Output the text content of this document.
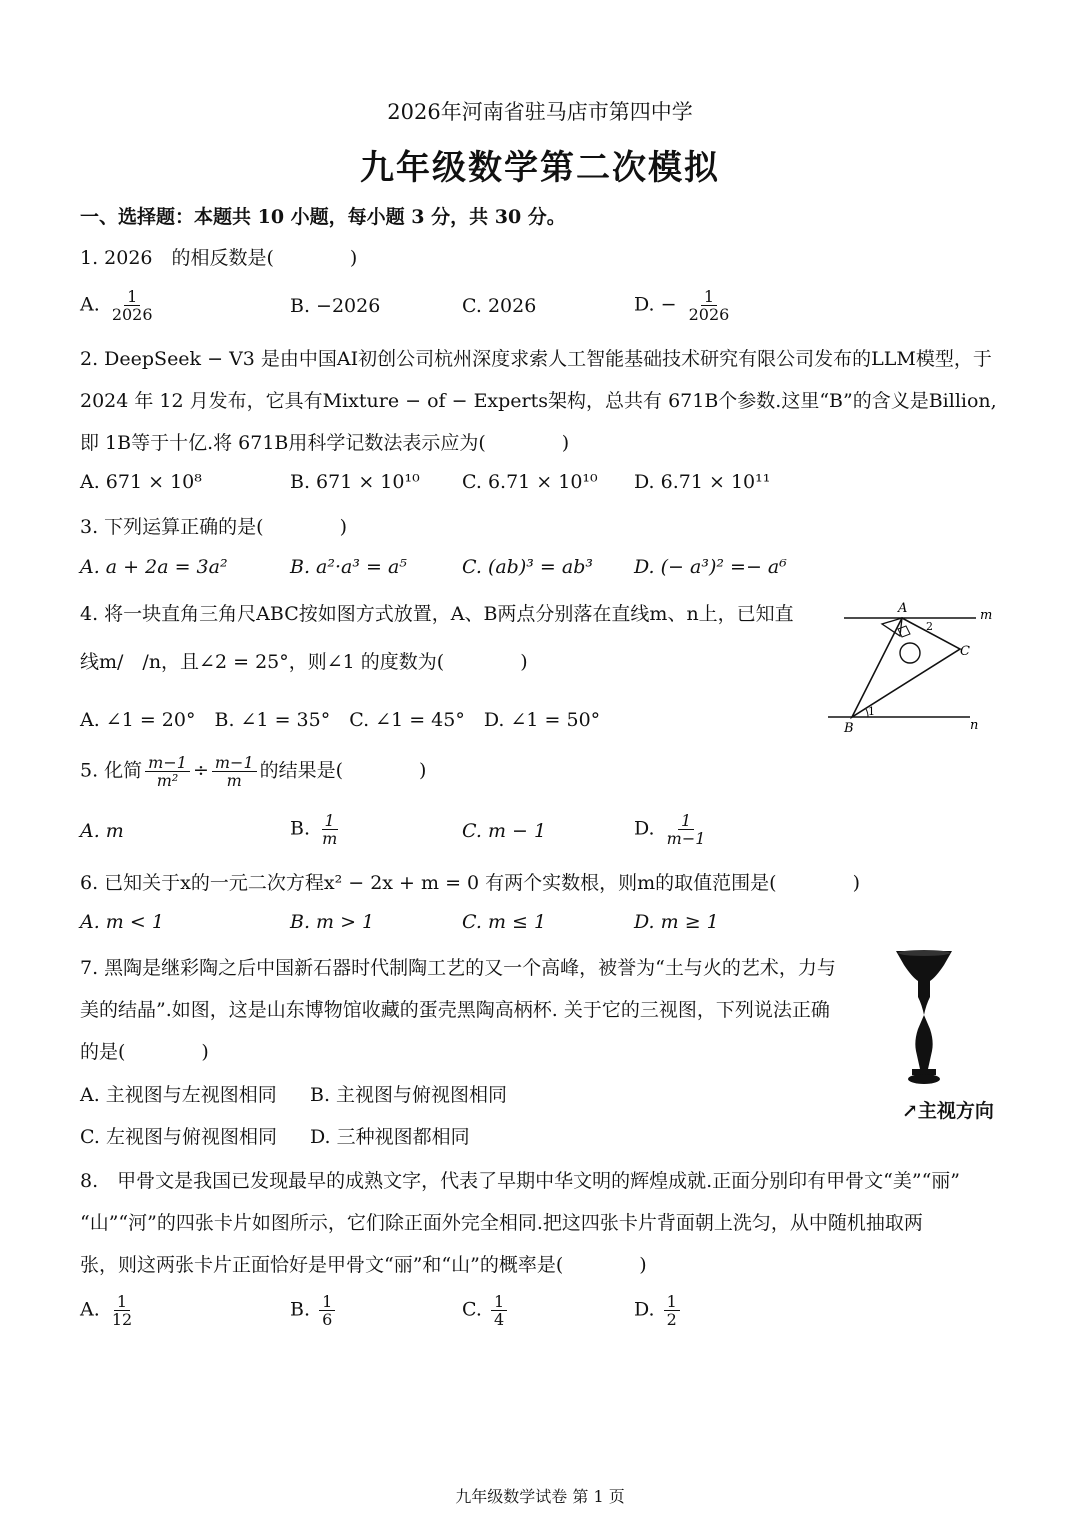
2026年河南省驻马店市第四中学
九年级数学第二次模拟
一、选择题：本题共 10 小题，每小题 3 分，共 30 分。
1. 2026　的相反数是(　　　　)
A. $\frac{1}{2026}$	B. −2026	C. 2026	D. − $\frac{1}{2026}$
2. DeepSeek − V3 是由中国AI初创公司杭州深度求索人工智能基础技术研究有限公司发布的LLM模型，于
2024 年 12 月发布，它具有Mixture − of − Experts架构，总共有 671B个参数.这里“B”的含义是Billion,
即 1B等于十亿.将 671B用科学记数法表示应为(　　　　)
A. 671 × 10⁸	B. 671 × 10¹⁰ C. 6.71 × 10¹⁰ D. 6.71 × 10¹¹
3. 下列运算正确的是(　　　　)
A. a + 2a = 3a²	B. a²·a³ = a⁵	C. (ab)³ = ab³ D. (− a³)² =− a⁶
4. 将一块直角三角尺ABC按如图方式放置，A、B两点分别落在直线m、n上，已知直
线m/　/n，且∠2 = 25°，则∠1 的度数为(　　　　)
A. ∠1 = 20°　B. ∠1 = 35°　C. ∠1 = 45°　D. ∠1 = 50°
A
B
C
m
n
1
2
5. 化简 $\frac{m-1}{\text{m²}} \div \frac{m-1}{m}$ 的结果是(　　　　)
A. m	B. $\frac{1}{m}$	C. m − 1	D. $\frac{1}{m-1}$
6. 已知关于x的一元二次方程x² − 2x + m = 0 有两个实数根，则m的取值范围是(　　　　)
A. m < 1	B. m > 1	C. m ≤ 1	D. m ≥ 1
7. 黑陶是继彩陶之后中国新石器时代制陶工艺的又一个高峰，被誉为“土与火的艺术，力与
美的结晶”.如图，这是山东博物馆收藏的蛋壳黑陶高柄杯. 关于它的三视图，下列说法正确
的是(　　　　)
A. 主视图与左视图相同 B. 主视图与俯视图相同
C. 左视图与俯视图相同 D. 三种视图都相同
↗主视方向
8.　甲骨文是我国已发现最早的成熟文字，代表了早期中华文明的辉煌成就.正面分别印有甲骨文“美”“丽”
“山”“河”的四张卡片如图所示，它们除正面外完全相同.把这四张卡片背面朝上洗匀，从中随机抽取两
张，则这两张卡片正面恰好是甲骨文“丽”和“山”的概率是(　　　　)
A. $\frac{1}{12}$	B. $\frac{1}{6}$	C. $\frac{1}{4}$	D. $\frac{1}{2}$
九年级数学试卷 第 1 页
